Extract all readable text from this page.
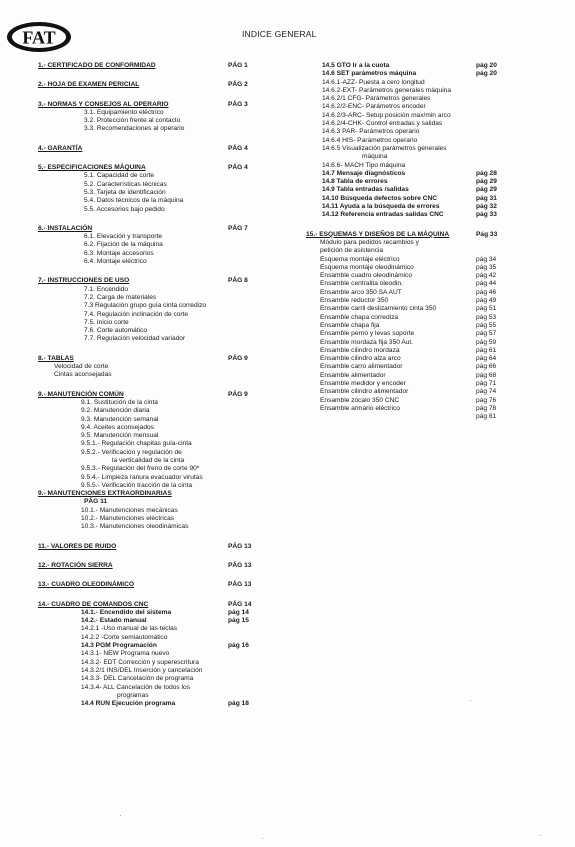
FAT	INDICE GENERAL
1.- CERTIFICADO DE CONFORMIDAD	PÁG 1
2.- HOJA DE EXAMEN PERICIAL	PÁG 2
3.- NORMAS Y CONSEJOS AL OPERARIO	PÁG 3
3.1. Equipamiento eléctrico
3.2. Protección frente al contacto
3.3. Recomendaciones al operario
4.- GARANTÍA	PÁG 4
5.- ESPECIFICACIONES MÁQUINA	PÁG 4
5.1. Capacidad de corte
5.2. Características técnicas
5.3. Tarjeta de identificación
5.4. Datos técnicos de la máquina
5.5. Accesorios bajo pedido
6.- INSTALACIÓN	PÁG 7
6.1. Elevación y transporte
6.2. Fijación de la máquina
6.3. Montaje accesorios
6.4. Montaje eléctrico
7.- INSTRUCCIONES DE USO	PÁG 8
7.1. Encendido
7.2. Carga de materiales
7.3 Regulación grupo guía cinta corredizo
7.4. Regulación inclinación de corte
7.5. Inicio corte
7.6. Corte automático
7.7. Regulación velocidad variador
8.- TABLAS	PÁG 9
Velocidad de corte
Cintas aconsejadas
9.- MANUTENCIÓN COMÚN	PÁG 9
9.1. Sustitución de la cinta
9.2. Manutención diaria
9.3. Manutención semanal
9.4. Aceites aconsejados
9.5. Manutención mensual
9.5.1.- Regulación chapitas guía-cinta
9.5.2.- Verificación y regulación de
la verticalidad de la cinta
9.5.3.- Regulación del freno de corte 90º
9.5.4.- Limpieza ranura evacuador virutas
9.5.5.- Verificación tracción de la cinta
9.- MANUTENCIONES EXTRAORDINARIAS
PÁG 11
10.1.- Manutenciones mecánicas
10.2.- Manutenciones eléctricas
10.3.- Manutenciones oleodinámicas
11.- VALORES DE RUIDO	PÁG 13
12.- ROTACIÓN SIERRA	PÁG 13
13.- CUADRO OLEODINÁMICO	PÁG 13
14.- CUADRO DE COMANDOS CNC	PÁG 14
14.1.- Encendido del sistema	pág 14
14.2.- Estado manual	pág 15
14.2.1 -Uso manual de las teclas
14.2.2 -Corte semiautomático
14.3 PGM Programación	pág 16
14.3.1- NEW Programa nuevo
14.3.2- EDT Corrección y superescritura
14.3.2/1 INS/DEL Inserción y cancelación
14.3.3- DEL Cancelación de programa
14.3.4- ALL Cancelación de todos los
programas
14.4 RUN Ejecución programa	pág 18
14.5 GTO Ir a la cuota	pág 20
14.6 SET parámetros máquina	pág 20
14.6.1-AZZ- Puesta a cero longitud
14.6.2-EXT- Parámetros generales máquina
14.6.2/1 CFG- Parámetros generales
14.6.2/2-ENC- Parámetros encoder
14.6.2/3-ARC- Setup posición max/min arco
14.6.2/4-CHK- Control entradas y salidas
14.6.3 PAR- Parámetros operario
14.6.4 HIS- Parámetros operario
14.6.5 Visualización parámetros generales
máquina
14.6.6- MACH Tipo máquina
14.7 Mensaje diagnósticos	pág 28
14.8 Tabla de errores	pág 29
14.9 Tabla entradas /salidas	pág 29
14.10 Búsqueda defectos sobre CNC	pág 31
14.11 Ayuda a la búsqueda de errores	pág 32
14.12 Referencia entradas salidas CNC	pág 33
15.- ESQUEMAS Y DISEÑOS DE LA MÁQUINA	Pág 33
Módulo para pedidos recambios y
petición de asistencia
Esquema montaje eléctrico	pág 34
Esquema montaje oleodinámico	pág 35
Ensamble cuadro oleodinámico	pág 42
Ensamble centralita oleodin.	pág 44
Ensamble arco 350 SA AUT	pág 46
Ensamble reductor 350	pág 49
Ensamble carril deslizamiento cinta 350	pág 51
Ensamble chapa corrediza	pág 53
Ensamble chapa fija	pág 55
Ensamble perno y levas soporte	pág 57
Ensamble mordaza fija 350 Aut.	pág 59
Ensamble cilindro mordaza	pág 61
Ensamble cilindro alza arco	pág 64
Ensamble carro alimentador	pág 66
Ensamble alimentador	pág 68
Ensamble medidor y encoder	pág 71
Ensamble cilindro alimentador	pág 74
Ensamble zócalo 350 CNC	pág 76
Ensamble armario eléctrico	pág 78
pág 81
